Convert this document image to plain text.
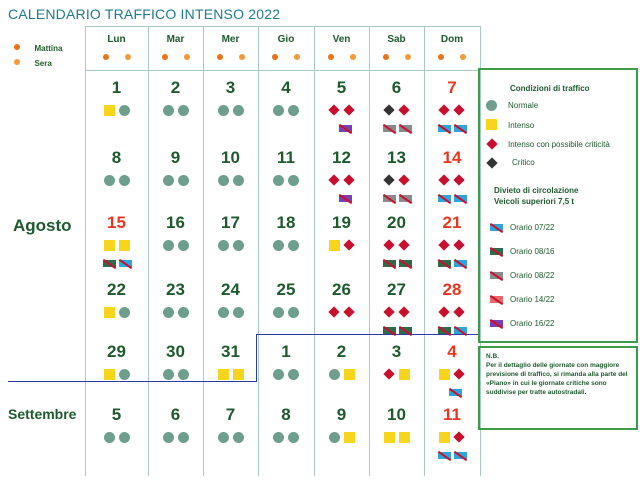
CALENDARIO TRAFFICO INTENSO 2022
Mattina
Sera
Lun	Mar	Mer	Gio	Ven	Sab	Dom
1	2	3	4	5	6	7
8	9	10	11	12	13	14
15	16	17	18	19	20	21
22	23	24	25	26	27	28
29	30	31	1	2	3	4
5	6	7	8	9	10	11
Agosto
Settembre
Condizioni di traffico
Normale
Intenso
Intenso con possibile criticità
Critico
Divieto di circolazione
Veicoli superiori 7,5 t
Orario 07/22
Orario 08/16
Orario 08/22
Orario 14/22
Orario 16/22
N.B.
Per il dettaglio delle giornate con maggiore previsione di traffico, si rimanda alla parte del «Piano» in cui le giornate critiche sono suddivise per tratte autostradali.
